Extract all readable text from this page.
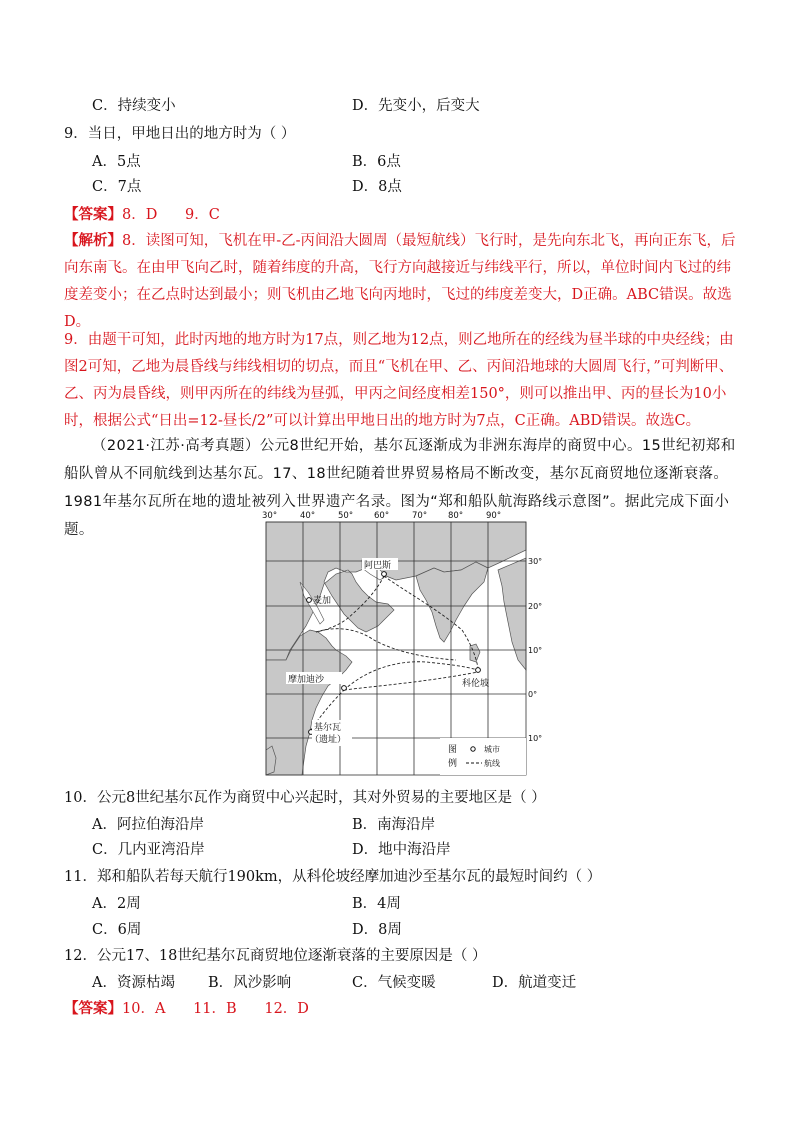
C．持续变小	D．先变小，后变大
9．当日，甲地日出的地方时为（ ）
A．5点	B．6点
C．7点	D．8点
【答案】8．D      9．C
【解析】8．读图可知，飞机在甲-乙-丙间沿大圆周（最短航线）飞行时，是先向东北飞，再向正东飞，后向东南飞。在由甲飞向乙时，随着纬度的升高，飞行方向越接近与纬线平行，所以，单位时间内飞过的纬度差变小；在乙点时达到最小；则飞机由乙地飞向丙地时，飞过的纬度差变大，D正确。ABC错误。故选D。
9．由题干可知，此时丙地的地方时为17点，则乙地为12点，则乙地所在的经线为昼半球的中央经线；由图2可知，乙地为晨昏线与纬线相切的切点，而且“飞机在甲、乙、丙间沿地球的大圆周飞行，”可判断甲、乙、丙为晨昏线，则甲丙所在的纬线为昼弧，甲丙之间经度相差150°，则可以推出甲、丙的昼长为10小时，根据公式“日出=12-昼长/2”可以计算出甲地日出的地方时为7点，C正确。ABD错误。故选C。
（2021·江苏·高考真题）公元8世纪开始，基尔瓦逐渐成为非洲东海岸的商贸中心。15世纪初郑和船队曾从不同航线到达基尔瓦。17、18世纪随着世界贸易格局不断改变，基尔瓦商贸地位逐渐衰落。1981年基尔瓦所在地的遗址被列入世界遗产名录。图为“郑和船队航海路线示意图”。据此完成下面小题。
30°	40°	50° 60°	70° 80°	90°
30°
20°
10°
0°
10°
阿巴斯
麦加
科伦坡
摩加迪沙
基尔瓦
（遗址）
图
例
城市
航线
10．公元8世纪基尔瓦作为商贸中心兴起时，其对外贸易的主要地区是（ ）
A．阿拉伯海沿岸	B．南海沿岸
C．几内亚湾沿岸	D．地中海沿岸
11．郑和船队若每天航行190km，从科伦坡经摩加迪沙至基尔瓦的最短时间约（ ）
A．2周	B．4周
C．6周	D．8周
12．公元17、18世纪基尔瓦商贸地位逐渐衰落的主要原因是（ ）
A．资源枯竭 B．风沙影响	C．气候变暖	D．航道变迁
【答案】10．A      11．B      12．D
